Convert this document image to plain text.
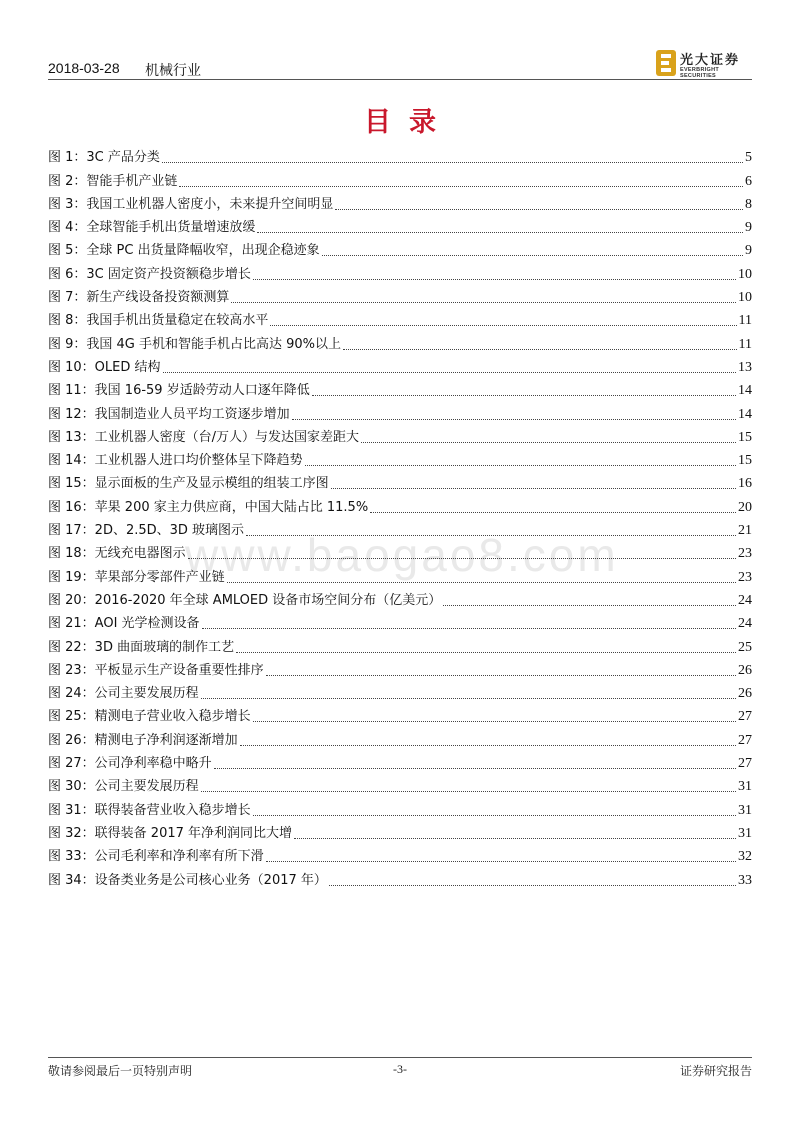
2018-03-28 机械行业
光大证券
EVERBRIGHT SECURITIES
目录
www.baogao8.com
图 1：3C 产品分类	5
图 2：智能手机产业链	6
图 3：我国工业机器人密度小，未来提升空间明显	8
图 4：全球智能手机出货量增速放缓	9
图 5：全球 PC 出货量降幅收窄，出现企稳迹象	9
图 6：3C 固定资产投资额稳步增长	10
图 7：新生产线设备投资额测算	10
图 8：我国手机出货量稳定在较高水平	11
图 9：我国 4G 手机和智能手机占比高达 90%以上	11
图 10：OLED 结构	13
图 11：我国 16-59 岁适龄劳动人口逐年降低	14
图 12：我国制造业人员平均工资逐步增加	14
图 13：工业机器人密度（台/万人）与发达国家差距大	15
图 14：工业机器人进口均价整体呈下降趋势	15
图 15：显示面板的生产及显示模组的组装工序图	16
图 16：苹果 200 家主力供应商，中国大陆占比 11.5%	20
图 17：2D、2.5D、3D 玻璃图示	21
图 18：无线充电器图示	23
图 19：苹果部分零部件产业链	23
图 20：2016-2020 年全球 AMLOED 设备市场空间分布（亿美元）	24
图 21：AOI 光学检测设备	24
图 22：3D 曲面玻璃的制作工艺	25
图 23：平板显示生产设备重要性排序	26
图 24：公司主要发展历程	26
图 25：精测电子营业收入稳步增长	27
图 26：精测电子净利润逐渐增加	27
图 27：公司净利率稳中略升	27
图 30：公司主要发展历程	31
图 31：联得装备营业收入稳步增长	31
图 32：联得装备 2017 年净利润同比大增	31
图 33：公司毛利率和净利率有所下滑	32
图 34：设备类业务是公司核心业务（2017 年）	33
敬请参阅最后一页特别声明	-3-	证券研究报告
